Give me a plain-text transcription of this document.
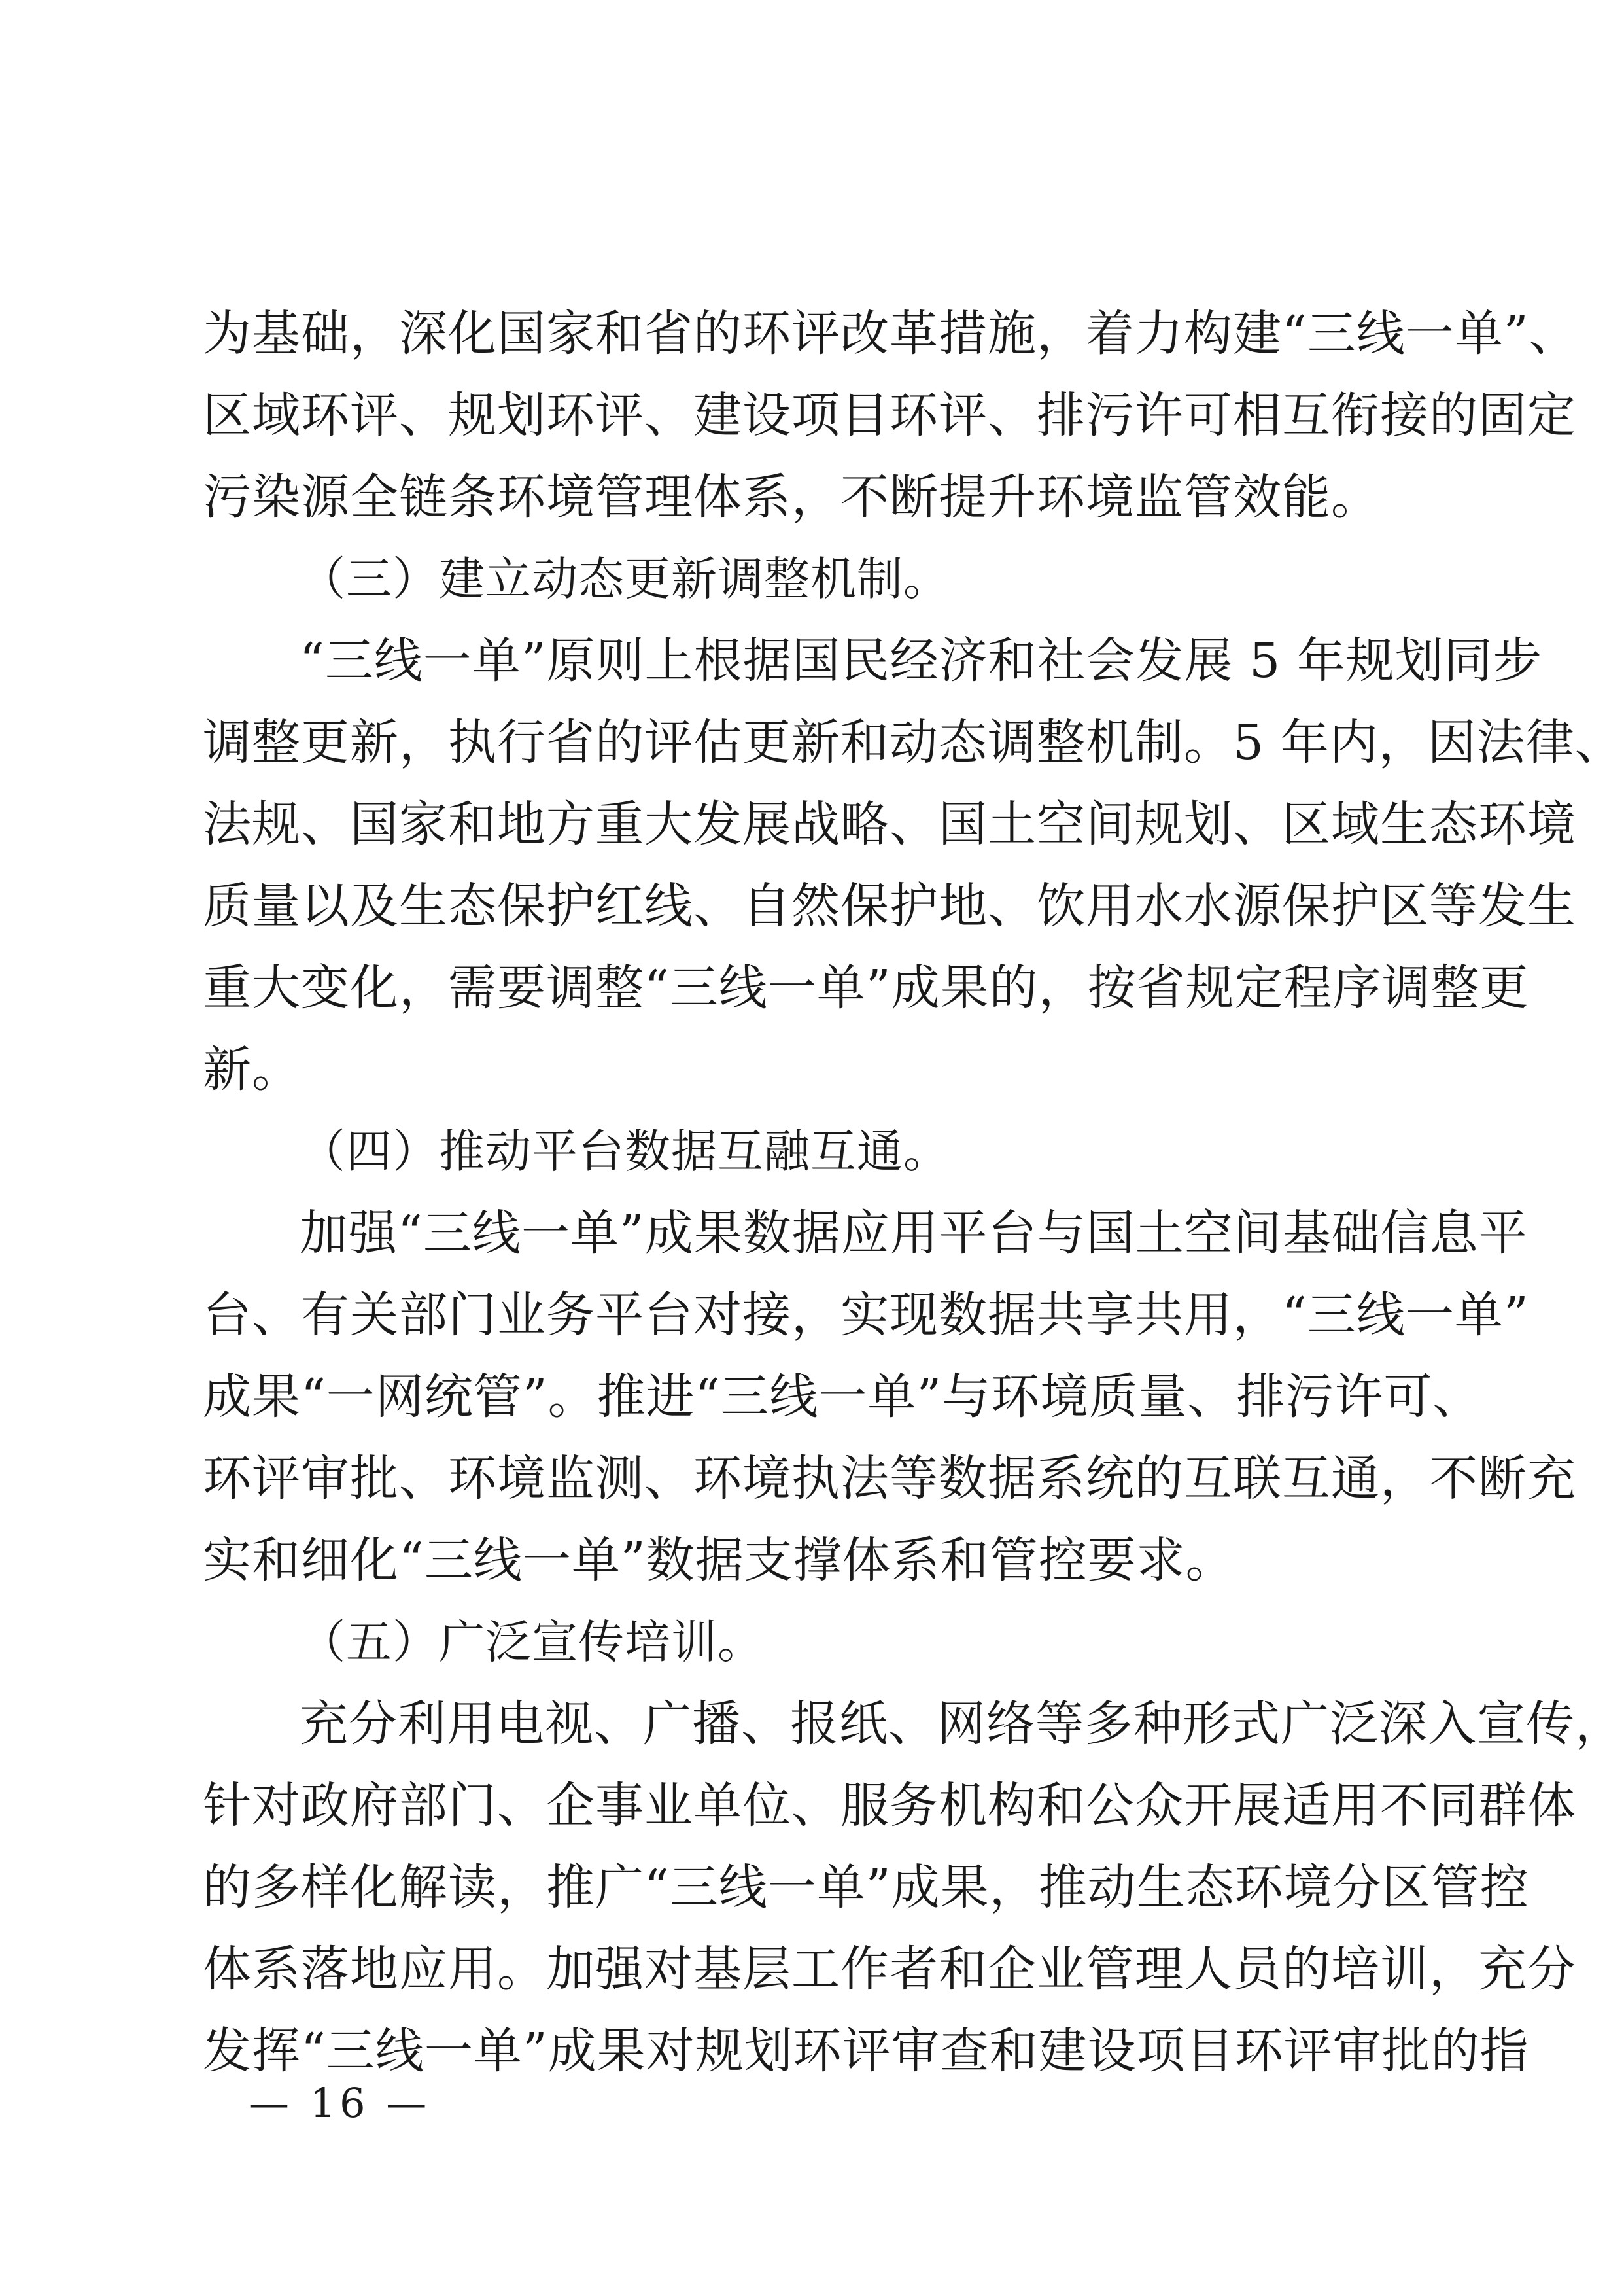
为基础，深化国家和省的环评改革措施，着力构建“三线一单”、
区域环评、规划环评、建设项目环评、排污许可相互衔接的固定
污染源全链条环境管理体系，不断提升环境监管效能。
（三）建立动态更新调整机制。
“三线一单”原则上根据国民经济和社会发展 5 年规划同步
调整更新，执行省的评估更新和动态调整机制。5 年内，因法律、
法规、国家和地方重大发展战略、国土空间规划、区域生态环境
质量以及生态保护红线、自然保护地、饮用水水源保护区等发生
重大变化，需要调整“三线一单”成果的，按省规定程序调整更
新。
（四）推动平台数据互融互通。
加强“三线一单”成果数据应用平台与国土空间基础信息平
台、有关部门业务平台对接，实现数据共享共用，“三线一单”
成果“一网统管”。推进“三线一单”与环境质量、排污许可、
环评审批、环境监测、环境执法等数据系统的互联互通，不断充
实和细化“三线一单”数据支撑体系和管控要求。
（五）广泛宣传培训。
充分利用电视、广播、报纸、网络等多种形式广泛深入宣传，
针对政府部门、企事业单位、服务机构和公众开展适用不同群体
的多样化解读，推广“三线一单”成果，推动生态环境分区管控
体系落地应用。加强对基层工作者和企业管理人员的培训，充分
发挥“三线一单”成果对规划环评审查和建设项目环评审批的指
— 16 —
